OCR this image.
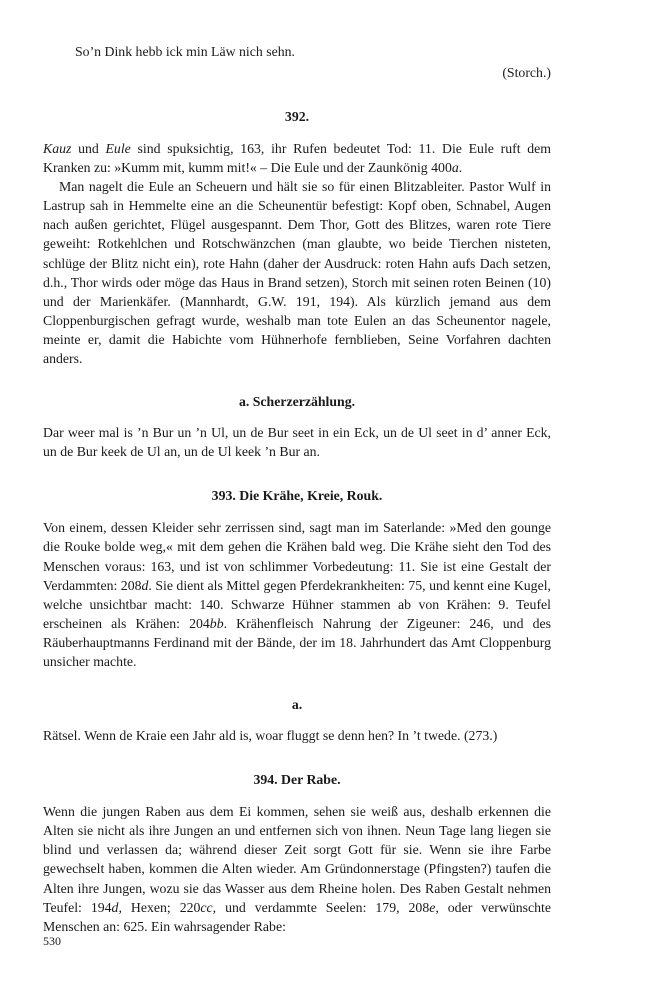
So’n Dink hebb ick min Läw nich sehn.
(Storch.)
392.

Kauz und Eule sind spuksichtig, 163, ihr Rufen bedeutet Tod: 11. Die Eule ruft dem Kranken zu: »Kumm mit, kumm mit!« – Die Eule und der Zaunkönig 400a.

Man nagelt die Eule an Scheuern und hält sie so für einen Blitzableiter. Pastor Wulf in Lastrup sah in Hemmelte eine an die Scheunentür befestigt: Kopf oben, Schnabel, Augen nach außen gerichtet, Flügel ausgespannt. Dem Thor, Gott des Blitzes, waren rote Tiere geweiht: Rotkehlchen und Rotschwänzchen (man glaubte, wo beide Tierchen nisteten, schlüge der Blitz nicht ein), rote Hahn (daher der Ausdruck: roten Hahn aufs Dach setzen, d.h., Thor wirds oder möge das Haus in Brand setzen), Storch mit seinen roten Beinen (10) und der Marienkäfer. (Mannhardt, G.W. 191, 194). Als kürzlich jemand aus dem Cloppenburgischen gefragt wurde, weshalb man tote Eulen an das Scheunentor nagele, meinte er, damit die Habichte vom Hühnerhofe fernblieben, Seine Vorfahren dachten anders.

a. Scherzerzählung.

Dar weer mal is ’n Bur un ’n Ul, un de Bur seet in ein Eck, un de Ul seet in d’ anner Eck, un de Bur keek de Ul an, un de Ul keek ’n Bur an.

393. Die Krähe, Kreie, Rouk.

Von einem, dessen Kleider sehr zerrissen sind, sagt man im Saterlande: »Med den gounge die Rouke bolde weg,« mit dem gehen die Krähen bald weg. Die Krähe sieht den Tod des Menschen voraus: 163, und ist von schlimmer Vorbedeutung: 11. Sie ist eine Gestalt der Verdammten: 208d. Sie dient als Mittel gegen Pferdekrankheiten: 75, und kennt eine Kugel, welche unsichtbar macht: 140. Schwarze Hühner stammen ab von Krähen: 9. Teufel erscheinen als Krähen: 204bb. Krähenfleisch Nahrung der Zigeuner: 246, und des Räuberhauptmanns Ferdinand mit der Bände, der im 18. Jahrhundert das Amt Cloppenburg unsicher machte.

a.

Rätsel. Wenn de Kraie een Jahr ald is, woar fluggt se denn hen? In ’t twede. (273.)

394. Der Rabe.

Wenn die jungen Raben aus dem Ei kommen, sehen sie weiß aus, deshalb erkennen die Alten sie nicht als ihre Jungen an und entfernen sich von ihnen. Neun Tage lang liegen sie blind und verlassen da; während dieser Zeit sorgt Gott für sie. Wenn sie ihre Farbe gewechselt haben, kommen die Alten wieder. Am Gründonnerstage (Pfingsten?) taufen die Alten ihre Jungen, wozu sie das Wasser aus dem Rheine holen. Des Raben Gestalt nehmen Teufel: 194d, Hexen; 220cc, und verdammte Seelen: 179, 208e, oder verwünschte Menschen an: 625. Ein wahrsagender Rabe:

530
